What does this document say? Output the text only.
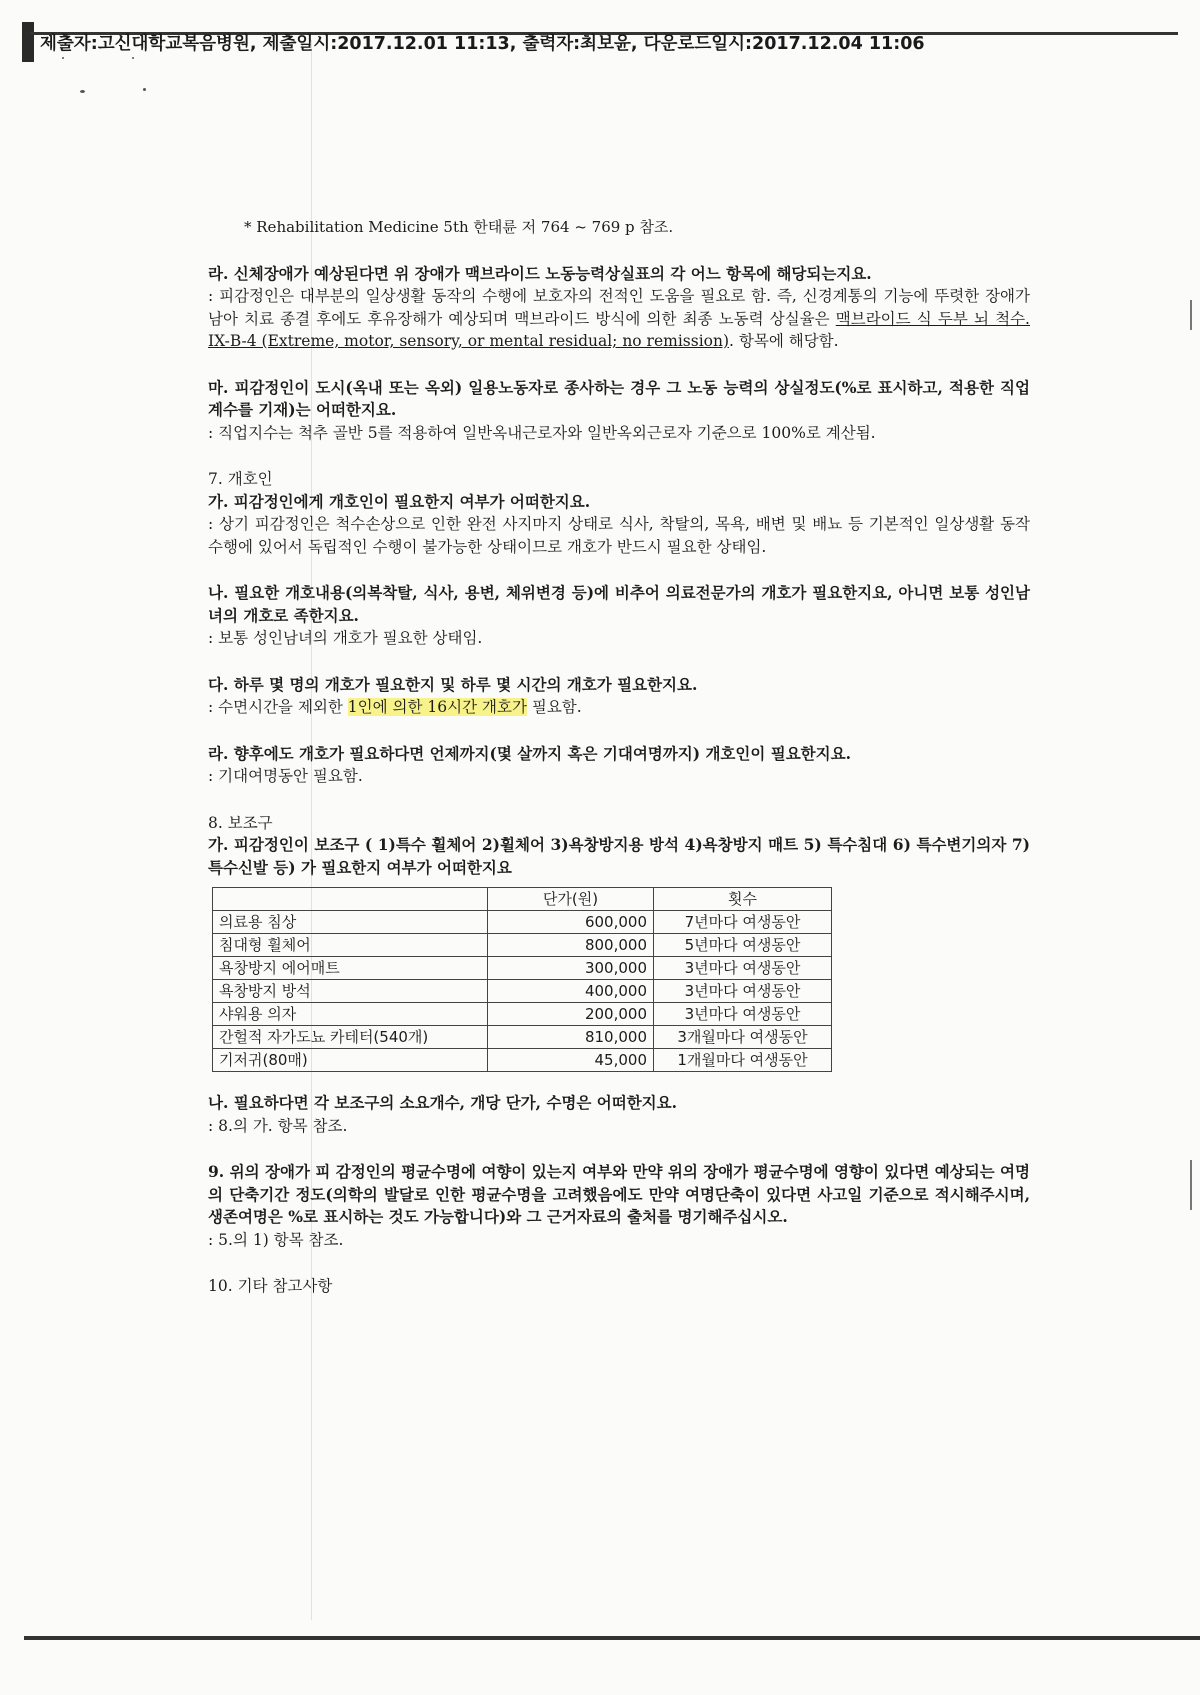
제출자:고신대학교복음병원, 제출일시:2017.12.01 11:13, 출력자:최보윤, 다운로드일시:2017.12.04 11:06

* Rehabilitation Medicine 5th 한태륜 저 764 ~ 769 p 참조.

라. 신체장애가 예상된다면 위 장애가 맥브라이드 노동능력상실표의 각 어느 항목에 해당되는지요.

: 피감정인은 대부분의 일상생활 동작의 수행에 보호자의 전적인 도움을 필요로 함. 즉, 신경계통의 기능에 뚜렷한 장애가 남아 치료 종결 후에도 후유장해가 예상되며 맥브라이드 방식에 의한 최종 노동력 상실율은 맥브라이드 식 두부 뇌 척수. IX-B-4 (Extreme, motor, sensory, or mental residual; no remission). 항목에 해당함.

마. 피감정인이 도시(옥내 또는 옥외) 일용노동자로 종사하는 경우 그 노동 능력의 상실정도(%로 표시하고, 적용한 직업계수를 기재)는 어떠한지요.

: 직업지수는 척추 골반 5를 적용하여 일반옥내근로자와 일반옥외근로자 기준으로 100%로 계산됨.

7. 개호인

가. 피감정인에게 개호인이 필요한지 여부가 어떠한지요.

: 상기 피감정인은 척수손상으로 인한 완전 사지마지 상태로 식사, 착탈의, 목욕, 배변 및 배뇨 등 기본적인 일상생활 동작수행에 있어서 독립적인 수행이 불가능한 상태이므로 개호가 반드시 필요한 상태임.

나. 필요한 개호내용(의복착탈, 식사, 용변, 체위변경 등)에 비추어 의료전문가의 개호가 필요한지요, 아니면 보통 성인남녀의 개호로 족한지요.

: 보통 성인남녀의 개호가 필요한 상태임.

다. 하루 몇 명의 개호가 필요한지 및 하루 몇 시간의 개호가 필요한지요.

: 수면시간을 제외한 1인에 의한 16시간 개호가 필요함.

라. 향후에도 개호가 필요하다면 언제까지(몇 살까지 혹은 기대여명까지) 개호인이 필요한지요.

: 기대여명동안 필요함.

8. 보조구

가. 피감정인이 보조구 ( 1)특수 휠체어 2)휠체어 3)욕창방지용 방석 4)욕창방지 매트 5) 특수침대 6) 특수변기의자 7) 특수신발 등) 가 필요한지 여부가 어떠한지요

	단가(원)	횟수
의료용 침상	600,000	7년마다 여생동안
침대형 휠체어	800,000	5년마다 여생동안
욕창방지 에어매트	300,000	3년마다 여생동안
욕창방지 방석	400,000	3년마다 여생동안
샤워용 의자	200,000	3년마다 여생동안
간헐적 자가도뇨 카테터(540개)	810,000	3개월마다 여생동안
기저귀(80매)	45,000	1개월마다 여생동안

나. 필요하다면 각 보조구의 소요개수, 개당 단가, 수명은 어떠한지요.

: 8.의 가. 항목 참조.

9. 위의 장애가 피 감정인의 평균수명에 여향이 있는지 여부와 만약 위의 장애가 평균수명에 영향이 있다면 예상되는 여명의 단축기간 정도(의학의 발달로 인한 평균수명을 고려했음에도 만약 여명단축이 있다면 사고일 기준으로 적시해주시며, 생존여명은 %로 표시하는 것도 가능합니다)와 그 근거자료의 출처를 명기해주십시오.

: 5.의 1) 항목 참조.

10. 기타 참고사항
